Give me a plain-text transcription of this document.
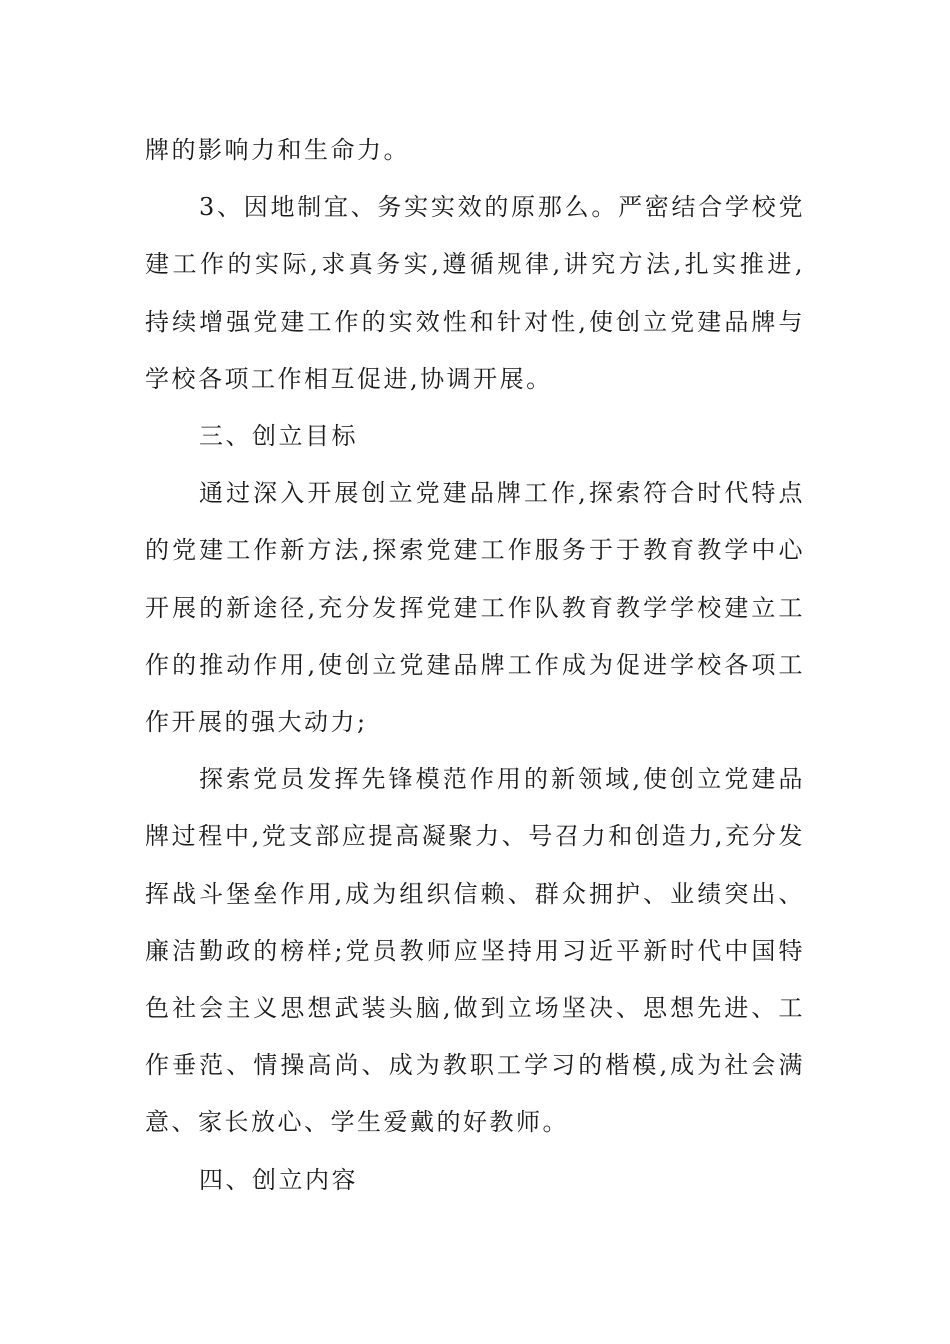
牌的影响力和生命力。

3、因地制宜、务实实效的原那么。严密结合学校党建工作的实际,求真务实,遵循规律,讲究方法,扎实推进,持续增强党建工作的实效性和针对性,使创立党建品牌与学校各项工作相互促进,协调开展。

三、创立目标

通过深入开展创立党建品牌工作,探索符合时代特点的党建工作新方法,探索党建工作服务于于教育教学中心开展的新途径,充分发挥党建工作队教育教学学校建立工作的推动作用,使创立党建品牌工作成为促进学校各项工作开展的强大动力;

探索党员发挥先锋模范作用的新领域,使创立党建品牌过程中,党支部应提高凝聚力、号召力和创造力,充分发挥战斗堡垒作用,成为组织信赖、群众拥护、业绩突出、廉洁勤政的榜样;党员教师应坚持用习近平新时代中国特色社会主义思想武装头脑,做到立场坚决、思想先进、工作垂范、情操高尚、成为教职工学习的楷模,成为社会满意、家长放心、学生爱戴的好教师。

四、创立内容
